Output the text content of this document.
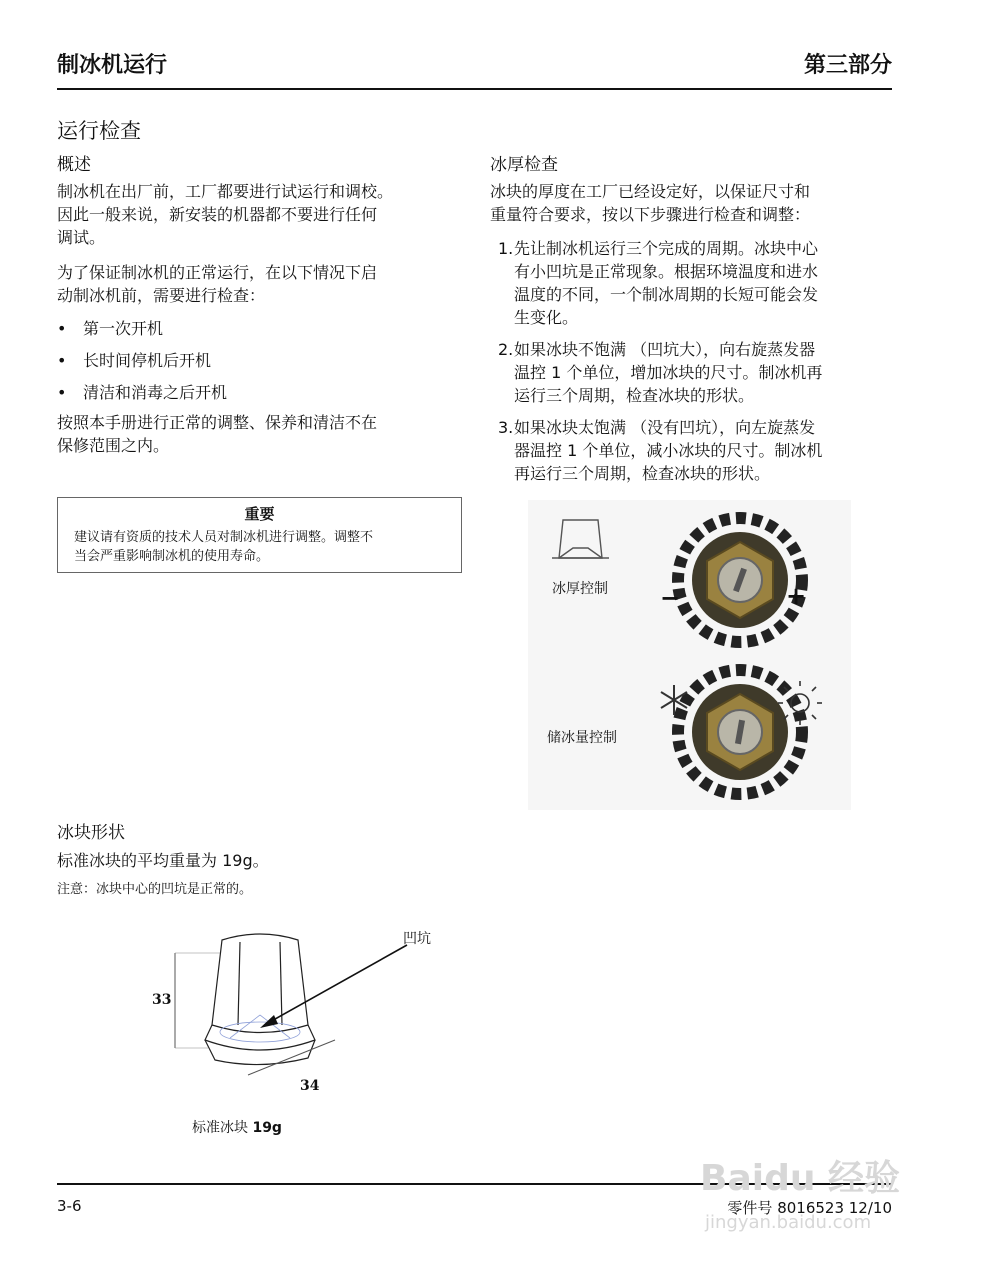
制冰机运行	第三部分
运行检查
概述
制冰机在出厂前，工厂都要进行试运行和调校。
因此一般来说，新安装的机器都不要进行任何
调试。
为了保证制冰机的正常运行，在以下情况下启
动制冰机前，需要进行检查：
• 第一次开机
• 长时间停机后开机
• 清洁和消毒之后开机
按照本手册进行正常的调整、保养和清洁不在
保修范围之内。
重要
建议请有资质的技术人员对制冰机进行调整。调整不
当会严重影响制冰机的使用寿命。
冰厚检查
冰块的厚度在工厂已经设定好，以保证尺寸和
重量符合要求，按以下步骤进行检查和调整：
1. 先让制冰机运行三个完成的周期。冰块中心
有小凹坑是正常现象。根据环境温度和进水
温度的不同，一个制冰周期的长短可能会发
生变化。
2. 如果冰块不饱满 （凹坑大），向右旋蒸发器
温控 1 个单位，增加冰块的尺寸。制冰机再
运行三个周期，检查冰块的形状。
3. 如果冰块太饱满 （没有凹坑），向左旋蒸发
器温控 1 个单位，减小冰块的尺寸。制冰机
再运行三个周期，检查冰块的形状。
冰厚控制 −	+
储冰量控制
冰块形状
标准冰块的平均重量为 19g。
注意：冰块中心的凹坑是正常的。
33
34
凹坑
标准冰块 19g
3-6	零件号 8016523 12/10
Baidu 经验
jingyan.baidu.com
